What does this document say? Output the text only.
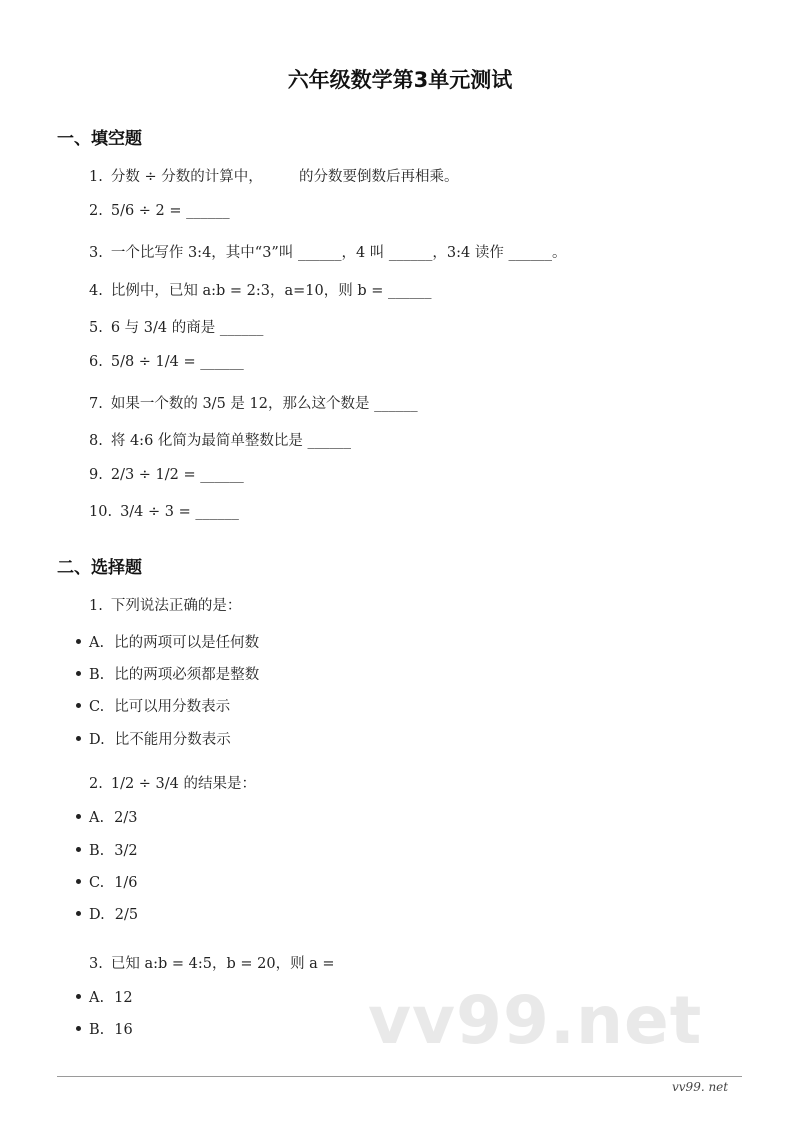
六年级数学第3单元测试
一、填空题
1. 分数 ÷ 分数的计算中，　　　的分数要倒数后再相乘。
2. 5/6 ÷ 2 = ______
3. 一个比写作 3:4，其中“3”叫 ______，4 叫 ______，3:4 读作 ______。
4. 比例中，已知 a:b = 2:3，a=10，则 b = ______
5. 6 与 3/4 的商是 ______
6. 5/8 ÷ 1/4 = ______
7. 如果一个数的 3/5 是 12，那么这个数是 ______
8. 将 4:6 化简为最简单整数比是 ______
9. 2/3 ÷ 1/2 = ______
10. 3/4 ÷ 3 = ______
二、选择题
1. 下列说法正确的是：
A. 比的两项可以是任何数
B. 比的两项必须都是整数
C. 比可以用分数表示
D. 比不能用分数表示
2. 1/2 ÷ 3/4 的结果是：
A. 2/3
B. 3/2
C. 1/6
D. 2/5
3. 已知 a:b = 4:5，b = 20，则 a =
A. 12
B. 16	vv99.net
vv99. net
